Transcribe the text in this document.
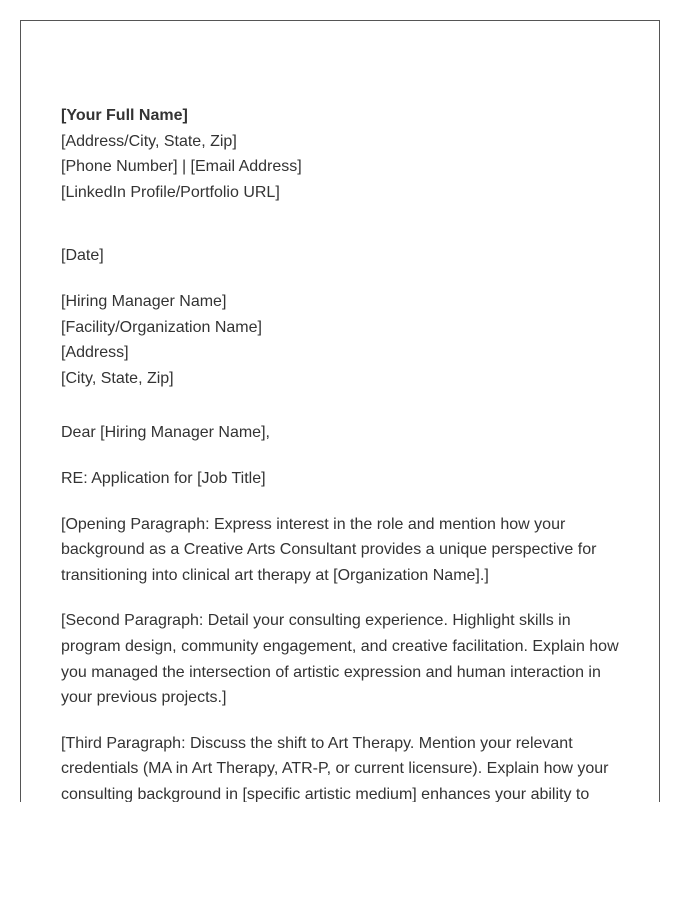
[Your Full Name]
[Address/City, State, Zip]
[Phone Number] | [Email Address]
[LinkedIn Profile/Portfolio URL]
[Date]
[Hiring Manager Name]
[Facility/Organization Name]
[Address]
[City, State, Zip]
Dear [Hiring Manager Name],
RE: Application for [Job Title]
[Opening Paragraph: Express interest in the role and mention how your
background as a Creative Arts Consultant provides a unique perspective for
transitioning into clinical art therapy at [Organization Name].]
[Second Paragraph: Detail your consulting experience. Highlight skills in
program design, community engagement, and creative facilitation. Explain how
you managed the intersection of artistic expression and human interaction in
your previous projects.]
[Third Paragraph: Discuss the shift to Art Therapy. Mention your relevant
credentials (MA in Art Therapy, ATR-P, or current licensure). Explain how your
consulting background in [specific artistic medium] enhances your ability to
